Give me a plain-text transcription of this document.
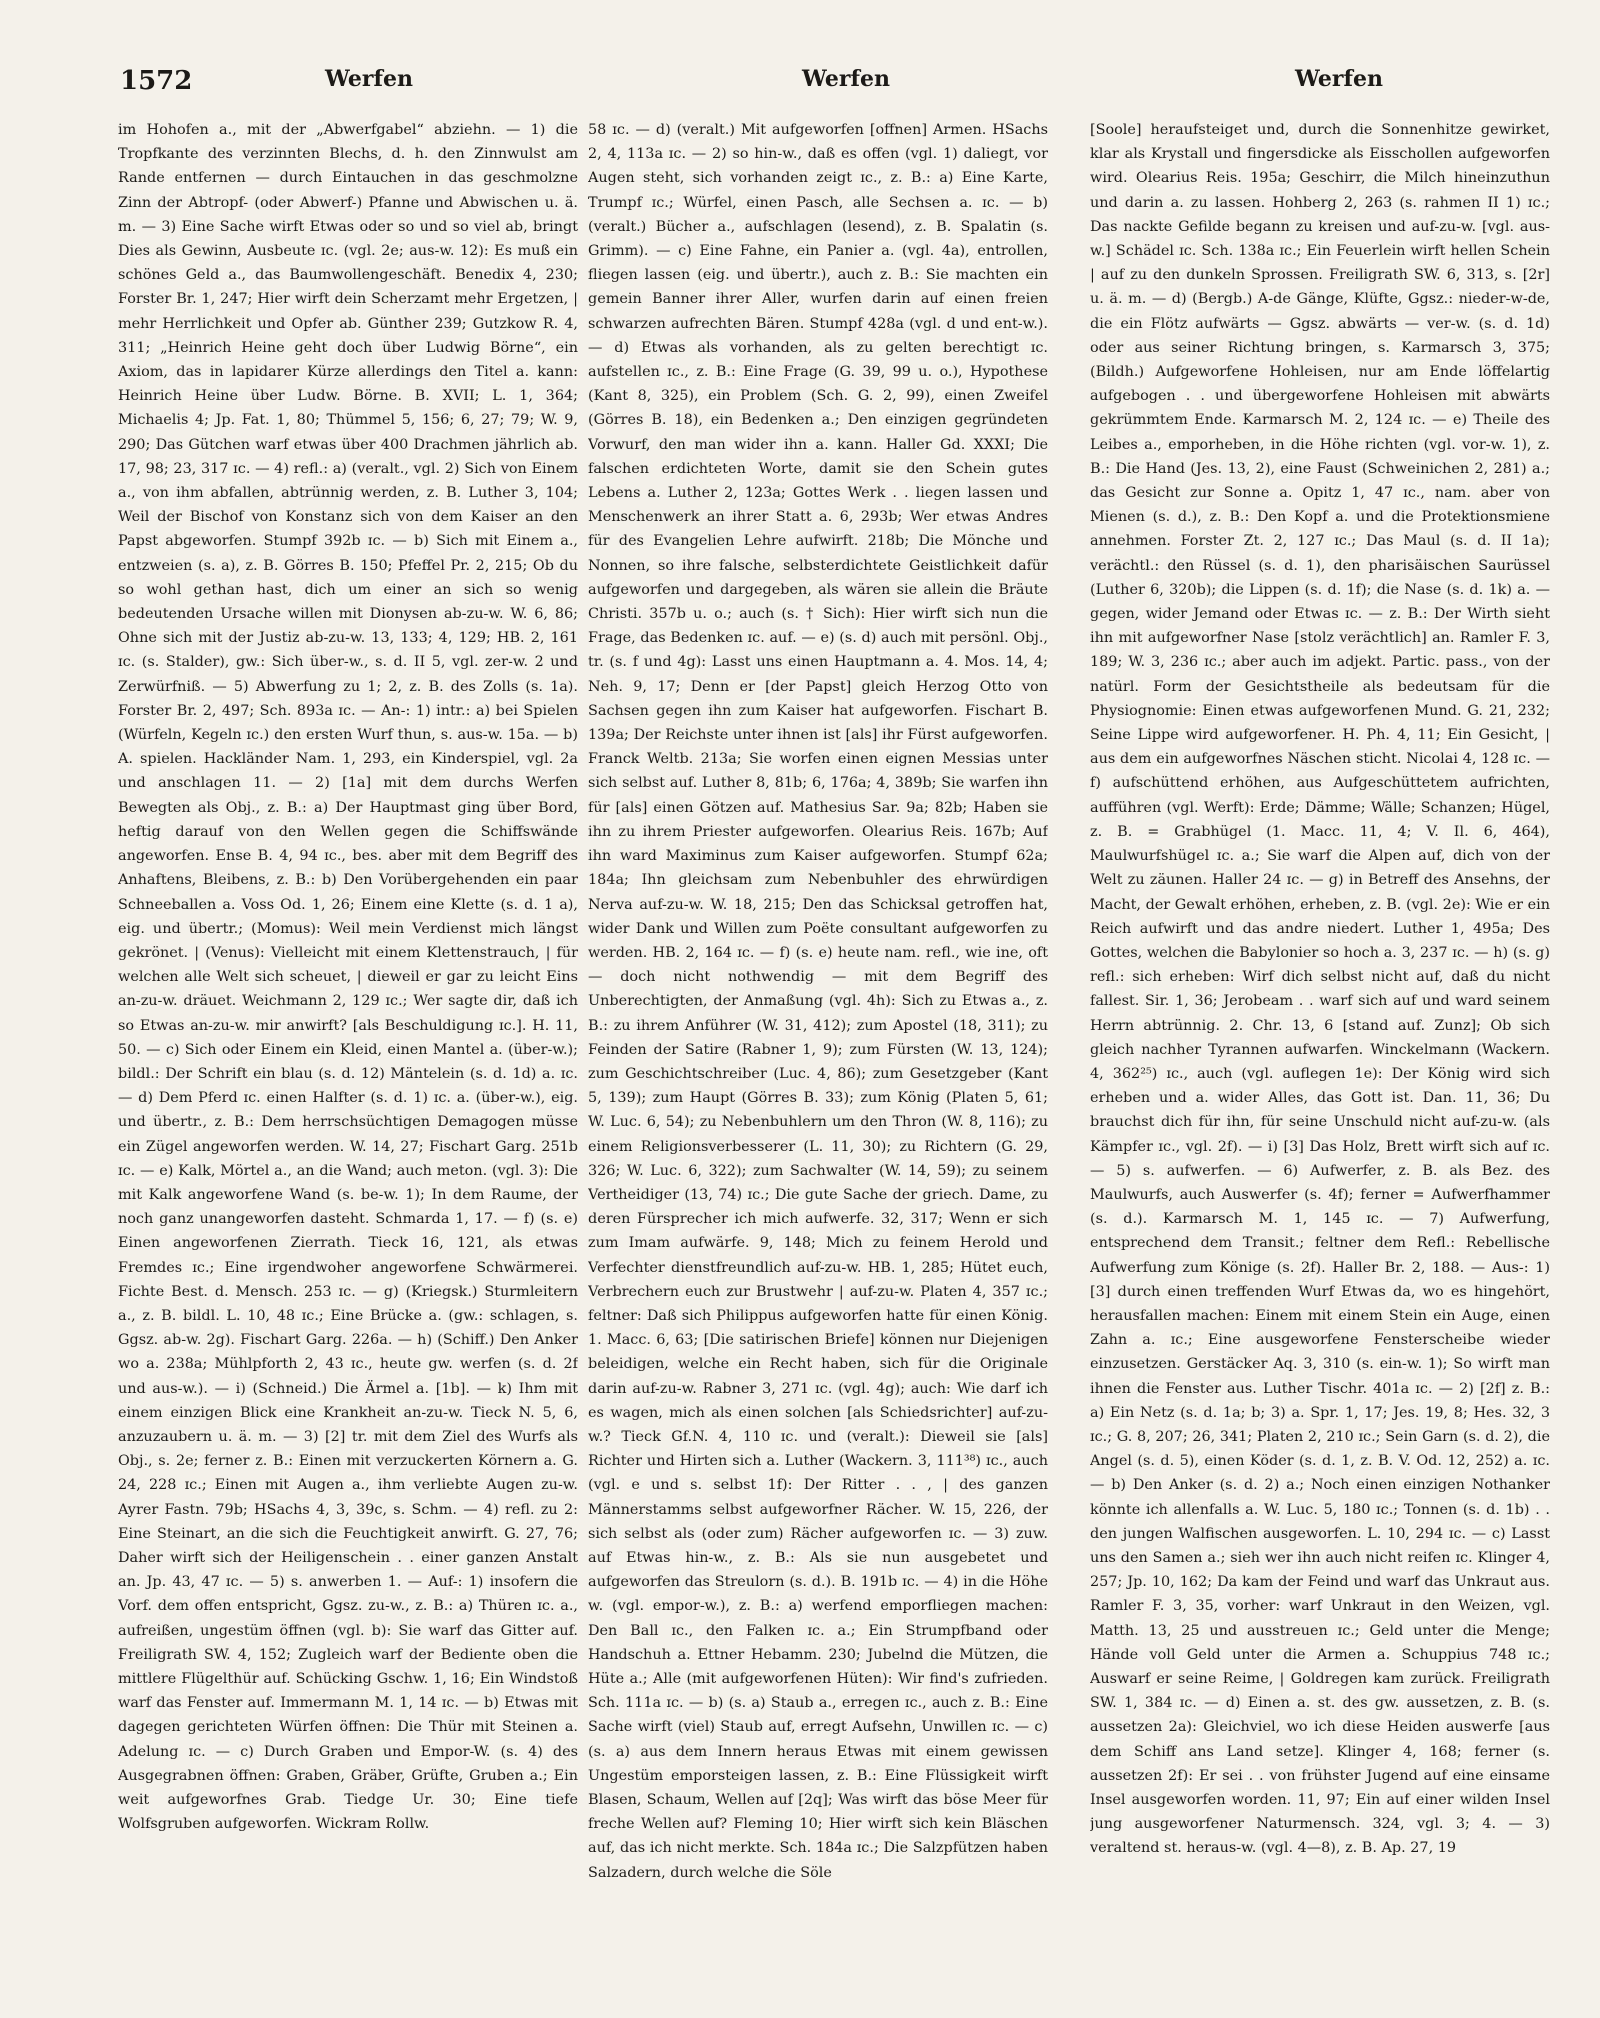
1572	Werfen	Werfen	Werfen

im Hohofen a., mit der „Abwerfgabel“ abziehn. — 1) die Tropfkante des verzinnten Blechs, d. h. den Zinnwulst am Rande entfernen — durch Eintauchen in das geschmolzne Zinn der Abtropf- (oder Abwerf-) Pfanne und Abwischen u. ä. m. — 3) Eine Sache wirft Etwas oder so und so viel ab, bringt Dies als Gewinn, Ausbeute ɪc. (vgl. 2e; aus-w. 12): Es muß ein schönes Geld a., das Baumwollengeschäft. Benedix 4, 230; Forster Br. 1, 247; Hier wirft dein Scherzamt mehr Ergetzen, | mehr Herrlichkeit und Opfer ab. Günther 239; Gutzkow R. 4, 311; „Heinrich Heine geht doch über Ludwig Börne“, ein Axiom, das in lapidarer Kürze allerdings den Titel a. kann: Heinrich Heine über Ludw. Börne. B. XVII; L. 1, 364; Michaelis 4; Jp. Fat. 1, 80; Thümmel 5, 156; 6, 27; 79; W. 9, 290; Das Gütchen warf etwas über 400 Drachmen jährlich ab. 17, 98; 23, 317 ɪc. — 4) refl.: a) (veralt., vgl. 2) Sich von Einem a., von ihm abfallen, abtrünnig werden, z. B. Luther 3, 104; Weil der Bischof von Konstanz sich von dem Kaiser an den Papst abgeworfen. Stumpf 392b ɪc. — b) Sich mit Einem a., entzweien (s. a), z. B. Görres B. 150; Pfeffel Pr. 2, 215; Ob du so wohl gethan hast, dich um einer an sich so wenig bedeutenden Ursache willen mit Dionysen ab-zu-w. W. 6, 86; Ohne sich mit der Justiz ab-zu-w. 13, 133; 4, 129; HB. 2, 161 ɪc. (s. Stalder), gw.: Sich über-w., s. d. II 5, vgl. zer-w. 2 und Zerwürfniß. — 5) Abwerfung zu 1; 2, z. B. des Zolls (s. 1a). Forster Br. 2, 497; Sch. 893a ɪc. — An-: 1) intr.: a) bei Spielen (Würfeln, Kegeln ɪc.) den ersten Wurf thun, s. aus-w. 15a. — b) A. spielen. Hackländer Nam. 1, 293, ein Kinderspiel, vgl. 2a und anschlagen 11. — 2) [1a] mit dem durchs Werfen Bewegten als Obj., z. B.: a) Der Hauptmast ging über Bord, heftig darauf von den Wellen gegen die Schiffswände angeworfen. Ense B. 4, 94 ɪc., bes. aber mit dem Begriff des Anhaftens, Bleibens, z. B.: b) Den Vorübergehenden ein paar Schneeballen a. Voss Od. 1, 26; Einem eine Klette (s. d. 1 a), eig. und übertr.; (Momus): Weil mein Verdienst mich längst gekrönet. | (Venus): Vielleicht mit einem Klettenstrauch, | für welchen alle Welt sich scheuet, | dieweil er gar zu leicht Eins an-zu-w. dräuet. Weichmann 2, 129 ɪc.; Wer sagte dir, daß ich so Etwas an-zu-w. mir anwirft? [als Beschuldigung ɪc.]. H. 11, 50. — c) Sich oder Einem ein Kleid, einen Mantel a. (über-w.); bildl.: Der Schrift ein blau (s. d. 12) Mäntelein (s. d. 1d) a. ɪc. — d) Dem Pferd ɪc. einen Halfter (s. d. 1) ɪc. a. (über-w.), eig. und übertr., z. B.: Dem herrschsüchtigen Demagogen müsse ein Zügel angeworfen werden. W. 14, 27; Fischart Garg. 251b ɪc. — e) Kalk, Mörtel a., an die Wand; auch meton. (vgl. 3): Die mit Kalk angeworfene Wand (s. be-w. 1); In dem Raume, der noch ganz unangeworfen dasteht. Schmarda 1, 17. — f) (s. e) Einen angeworfenen Zierrath. Tieck 16, 121, als etwas Fremdes ɪc.; Eine irgendwoher angeworfene Schwärmerei. Fichte Best. d. Mensch. 253 ɪc. — g) (Kriegsk.) Sturmleitern a., z. B. bildl. L. 10, 48 ɪc.; Eine Brücke a. (gw.: schlagen, s. Ggsz. ab-w. 2g). Fischart Garg. 226a. — h) (Schiff.) Den Anker wo a. 238a; Mühlpforth 2, 43 ɪc., heute gw. werfen (s. d. 2f und aus-w.). — i) (Schneid.) Die Ärmel a. [1b]. — k) Ihm mit einem einzigen Blick eine Krankheit an-zu-w. Tieck N. 5, 6, anzuzaubern u. ä. m. — 3) [2] tr. mit dem Ziel des Wurfs als Obj., s. 2e; ferner z. B.: Einen mit verzuckerten Körnern a. G. 24, 228 ɪc.; Einen mit Augen a., ihm verliebte Augen zu-w. Ayrer Fastn. 79b; HSachs 4, 3, 39c, s. Schm. — 4) refl. zu 2: Eine Steinart, an die sich die Feuchtigkeit anwirft. G. 27, 76; Daher wirft sich der Heiligenschein . . einer ganzen Anstalt an. Jp. 43, 47 ɪc. — 5) s. anwerben 1. — Auf-: 1) insofern die Vorf. dem offen entspricht, Ggsz. zu-w., z. B.: a) Thüren ɪc. a., aufreißen, ungestüm öffnen (vgl. b): Sie warf das Gitter auf. Freiligrath SW. 4, 152; Zugleich warf der Bediente oben die mittlere Flügelthür auf. Schücking Gschw. 1, 16; Ein Windstoß warf das Fenster auf. Immermann M. 1, 14 ɪc. — b) Etwas mit dagegen gerichteten Würfen öffnen: Die Thür mit Steinen a. Adelung ɪc. — c) Durch Graben und Empor-W. (s. 4) des Ausgegrabnen öffnen: Graben, Gräber, Grüfte, Gruben a.; Ein weit aufgeworfnes Grab. Tiedge Ur. 30; Eine tiefe Wolfsgruben aufgeworfen. Wickram Rollw.

58 ɪc. — d) (veralt.) Mit aufgeworfen [offnen] Armen. HSachs 2, 4, 113a ɪc. — 2) so hin-w., daß es offen (vgl. 1) daliegt, vor Augen steht, sich vorhanden zeigt ɪc., z. B.: a) Eine Karte, Trumpf ɪc.; Würfel, einen Pasch, alle Sechsen a. ɪc. — b) (veralt.) Bücher a., aufschlagen (lesend), z. B. Spalatin (s. Grimm). — c) Eine Fahne, ein Panier a. (vgl. 4a), entrollen, fliegen lassen (eig. und übertr.), auch z. B.: Sie machten ein gemein Banner ihrer Aller, wurfen darin auf einen freien schwarzen aufrechten Bären. Stumpf 428a (vgl. d und ent-w.). — d) Etwas als vorhanden, als zu gelten berechtigt ɪc. aufstellen ɪc., z. B.: Eine Frage (G. 39, 99 u. o.), Hypothese (Kant 8, 325), ein Problem (Sch. G. 2, 99), einen Zweifel (Görres B. 18), ein Bedenken a.; Den einzigen gegründeten Vorwurf, den man wider ihn a. kann. Haller Gd. XXXI; Die falschen erdichteten Worte, damit sie den Schein gutes Lebens a. Luther 2, 123a; Gottes Werk . . liegen lassen und Menschenwerk an ihrer Statt a. 6, 293b; Wer etwas Andres für des Evangelien Lehre aufwirft. 218b; Die Mönche und Nonnen, so ihre falsche, selbsterdichtete Geistlichkeit dafür aufgeworfen und dargegeben, als wären sie allein die Bräute Christi. 357b u. o.; auch (s. † Sich): Hier wirft sich nun die Frage, das Bedenken ɪc. auf. — e) (s. d) auch mit persönl. Obj., tr. (s. f und 4g): Lasst uns einen Hauptmann a. 4. Mos. 14, 4; Neh. 9, 17; Denn er [der Papst] gleich Herzog Otto von Sachsen gegen ihn zum Kaiser hat aufgeworfen. Fischart B. 139a; Der Reichste unter ihnen ist [als] ihr Fürst aufgeworfen. Franck Weltb. 213a; Sie worfen einen eignen Messias unter sich selbst auf. Luther 8, 81b; 6, 176a; 4, 389b; Sie warfen ihn für [als] einen Götzen auf. Mathesius Sar. 9a; 82b; Haben sie ihn zu ihrem Priester aufgeworfen. Olearius Reis. 167b; Auf ihn ward Maximinus zum Kaiser aufgeworfen. Stumpf 62a; 184a; Ihn gleichsam zum Nebenbuhler des ehrwürdigen Nerva auf-zu-w. W. 18, 215; Den das Schicksal getroffen hat, wider Dank und Willen zum Poëte consultant aufgeworfen zu werden. HB. 2, 164 ɪc. — f) (s. e) heute nam. refl., wie ine, oft — doch nicht nothwendig — mit dem Begriff des Unberechtigten, der Anmaßung (vgl. 4h): Sich zu Etwas a., z. B.: zu ihrem Anführer (W. 31, 412); zum Apostel (18, 311); zu Feinden der Satire (Rabner 1, 9); zum Fürsten (W. 13, 124); zum Geschichtschreiber (Luc. 4, 86); zum Gesetzgeber (Kant 5, 139); zum Haupt (Görres B. 33); zum König (Platen 5, 61; W. Luc. 6, 54); zu Nebenbuhlern um den Thron (W. 8, 116); zu einem Religionsverbesserer (L. 11, 30); zu Richtern (G. 29, 326; W. Luc. 6, 322); zum Sachwalter (W. 14, 59); zu seinem Vertheidiger (13, 74) ɪc.; Die gute Sache der griech. Dame, zu deren Fürsprecher ich mich aufwerfe. 32, 317; Wenn er sich zum Imam aufwärfe. 9, 148; Mich zu feinem Herold und Verfechter dienstfreundlich auf-zu-w. HB. 1, 285; Hütet euch, Verbrechern euch zur Brustwehr | auf-zu-w. Platen 4, 357 ɪc.; feltner: Daß sich Philippus aufgeworfen hatte für einen König. 1. Macc. 6, 63; [Die satirischen Briefe] können nur Diejenigen beleidigen, welche ein Recht haben, sich für die Originale darin auf-zu-w. Rabner 3, 271 ɪc. (vgl. 4g); auch: Wie darf ich es wagen, mich als einen solchen [als Schiedsrichter] auf-zu-w.? Tieck Gf.N. 4, 110 ɪc. und (veralt.): Dieweil sie [als] Richter und Hirten sich a. Luther (Wackern. 3, 111³⁸) ɪc., auch (vgl. e und s. selbst 1f): Der Ritter . . , | des ganzen Männerstamms selbst aufgeworfner Rächer. W. 15, 226, der sich selbst als (oder zum) Rächer aufgeworfen ɪc. — 3) zuw. auf Etwas hin-w., z. B.: Als sie nun ausgebetet und aufgeworfen das Streulorn (s. d.). B. 191b ɪc. — 4) in die Höhe w. (vgl. empor-w.), z. B.: a) werfend emporfliegen machen: Den Ball ɪc., den Falken ɪc. a.; Ein Strumpfband oder Handschuh a. Ettner Hebamm. 230; Jubelnd die Mützen, die Hüte a.; Alle (mit aufgeworfenen Hüten): Wir find's zufrieden. Sch. 111a ɪc. — b) (s. a) Staub a., erregen ɪc., auch z. B.: Eine Sache wirft (viel) Staub auf, erregt Aufsehn, Unwillen ɪc. — c) (s. a) aus dem Innern heraus Etwas mit einem gewissen Ungestüm emporsteigen lassen, z. B.: Eine Flüssigkeit wirft Blasen, Schaum, Wellen auf [2q]; Was wirft das böse Meer für freche Wellen auf? Fleming 10; Hier wirft sich kein Bläschen auf, das ich nicht merkte. Sch. 184a ɪc.; Die Salzpfützen haben Salzadern, durch welche die Söle

[Soole] heraufsteiget und, durch die Sonnenhitze gewirket, klar als Krystall und fingersdicke als Eisschollen aufgeworfen wird. Olearius Reis. 195a; Geschirr, die Milch hineinzuthun und darin a. zu lassen. Hohberg 2, 263 (s. rahmen II 1) ɪc.; Das nackte Gefilde begann zu kreisen und auf-zu-w. [vgl. aus-w.] Schädel ɪc. Sch. 138a ɪc.; Ein Feuerlein wirft hellen Schein | auf zu den dunkeln Sprossen. Freiligrath SW. 6, 313, s. [2r] u. ä. m. — d) (Bergb.) A-de Gänge, Klüfte, Ggsz.: nieder-w-de, die ein Flötz aufwärts — Ggsz. abwärts — ver-w. (s. d. 1d) oder aus seiner Richtung bringen, s. Karmarsch 3, 375; (Bildh.) Aufgeworfene Hohleisen, nur am Ende löffelartig aufgebogen . . und übergeworfene Hohleisen mit abwärts gekrümmtem Ende. Karmarsch M. 2, 124 ɪc. — e) Theile des Leibes a., emporheben, in die Höhe richten (vgl. vor-w. 1), z. B.: Die Hand (Jes. 13, 2), eine Faust (Schweinichen 2, 281) a.; das Gesicht zur Sonne a. Opitz 1, 47 ɪc., nam. aber von Mienen (s. d.), z. B.: Den Kopf a. und die Protektionsmiene annehmen. Forster Zt. 2, 127 ɪc.; Das Maul (s. d. II 1a); verächtl.: den Rüssel (s. d. 1), den pharisäischen Saurüssel (Luther 6, 320b); die Lippen (s. d. 1f); die Nase (s. d. 1k) a. — gegen, wider Jemand oder Etwas ɪc. — z. B.: Der Wirth sieht ihn mit aufgeworfner Nase [stolz verächtlich] an. Ramler F. 3, 189; W. 3, 236 ɪc.; aber auch im adjekt. Partic. pass., von der natürl. Form der Gesichtstheile als bedeutsam für die Physiognomie: Einen etwas aufgeworfenen Mund. G. 21, 232; Seine Lippe wird aufgeworfener. H. Ph. 4, 11; Ein Gesicht, | aus dem ein aufgeworfnes Näschen sticht. Nicolai 4, 128 ɪc. — f) aufschüttend erhöhen, aus Aufgeschüttetem aufrichten, aufführen (vgl. Werft): Erde; Dämme; Wälle; Schanzen; Hügel, z. B. = Grabhügel (1. Macc. 11, 4; V. Il. 6, 464), Maulwurfshügel ɪc. a.; Sie warf die Alpen auf, dich von der Welt zu zäunen. Haller 24 ɪc. — g) in Betreff des Ansehns, der Macht, der Gewalt erhöhen, erheben, z. B. (vgl. 2e): Wie er ein Reich aufwirft und das andre niedert. Luther 1, 495a; Des Gottes, welchen die Babylonier so hoch a. 3, 237 ɪc. — h) (s. g) refl.: sich erheben: Wirf dich selbst nicht auf, daß du nicht fallest. Sir. 1, 36; Jerobeam . . warf sich auf und ward seinem Herrn abtrünnig. 2. Chr. 13, 6 [stand auf. Zunz]; Ob sich gleich nachher Tyrannen aufwarfen. Winckelmann (Wackern. 4, 362²⁵) ɪc., auch (vgl. auflegen 1e): Der König wird sich erheben und a. wider Alles, das Gott ist. Dan. 11, 36; Du brauchst dich für ihn, für seine Unschuld nicht auf-zu-w. (als Kämpfer ɪc., vgl. 2f). — i) [3] Das Holz, Brett wirft sich auf ɪc. — 5) s. aufwerfen. — 6) Aufwerfer, z. B. als Bez. des Maulwurfs, auch Auswerfer (s. 4f); ferner = Aufwerfhammer (s. d.). Karmarsch M. 1, 145 ɪc. — 7) Aufwerfung, entsprechend dem Transit.; feltner dem Refl.: Rebellische Aufwerfung zum Könige (s. 2f). Haller Br. 2, 188. — Aus-: 1) [3] durch einen treffenden Wurf Etwas da, wo es hingehört, herausfallen machen: Einem mit einem Stein ein Auge, einen Zahn a. ɪc.; Eine ausgeworfene Fensterscheibe wieder einzusetzen. Gerstäcker Aq. 3, 310 (s. ein-w. 1); So wirft man ihnen die Fenster aus. Luther Tischr. 401a ɪc. — 2) [2f] z. B.: a) Ein Netz (s. d. 1a; b; 3) a. Spr. 1, 17; Jes. 19, 8; Hes. 32, 3 ɪc.; G. 8, 207; 26, 341; Platen 2, 210 ɪc.; Sein Garn (s. d. 2), die Angel (s. d. 5), einen Köder (s. d. 1, z. B. V. Od. 12, 252) a. ɪc. — b) Den Anker (s. d. 2) a.; Noch einen einzigen Nothanker könnte ich allenfalls a. W. Luc. 5, 180 ɪc.; Tonnen (s. d. 1b) . . den jungen Walfischen ausgeworfen. L. 10, 294 ɪc. — c) Lasst uns den Samen a.; sieh wer ihn auch nicht reifen ɪc. Klinger 4, 257; Jp. 10, 162; Da kam der Feind und warf das Unkraut aus. Ramler F. 3, 35, vorher: warf Unkraut in den Weizen, vgl. Matth. 13, 25 und ausstreuen ɪc.; Geld unter die Menge; Hände voll Geld unter die Armen a. Schuppius 748 ɪc.; Auswarf er seine Reime, | Goldregen kam zurück. Freiligrath SW. 1, 384 ɪc. — d) Einen a. st. des gw. aussetzen, z. B. (s. aussetzen 2a): Gleichviel, wo ich diese Heiden auswerfe [aus dem Schiff ans Land setze]. Klinger 4, 168; ferner (s. aussetzen 2f): Er sei . . von frühster Jugend auf eine einsame Insel ausgeworfen worden. 11, 97; Ein auf einer wilden Insel jung ausgeworfener Naturmensch. 324, vgl. 3; 4. — 3) veraltend st. heraus-w. (vgl. 4—8), z. B. Ap. 27, 19
